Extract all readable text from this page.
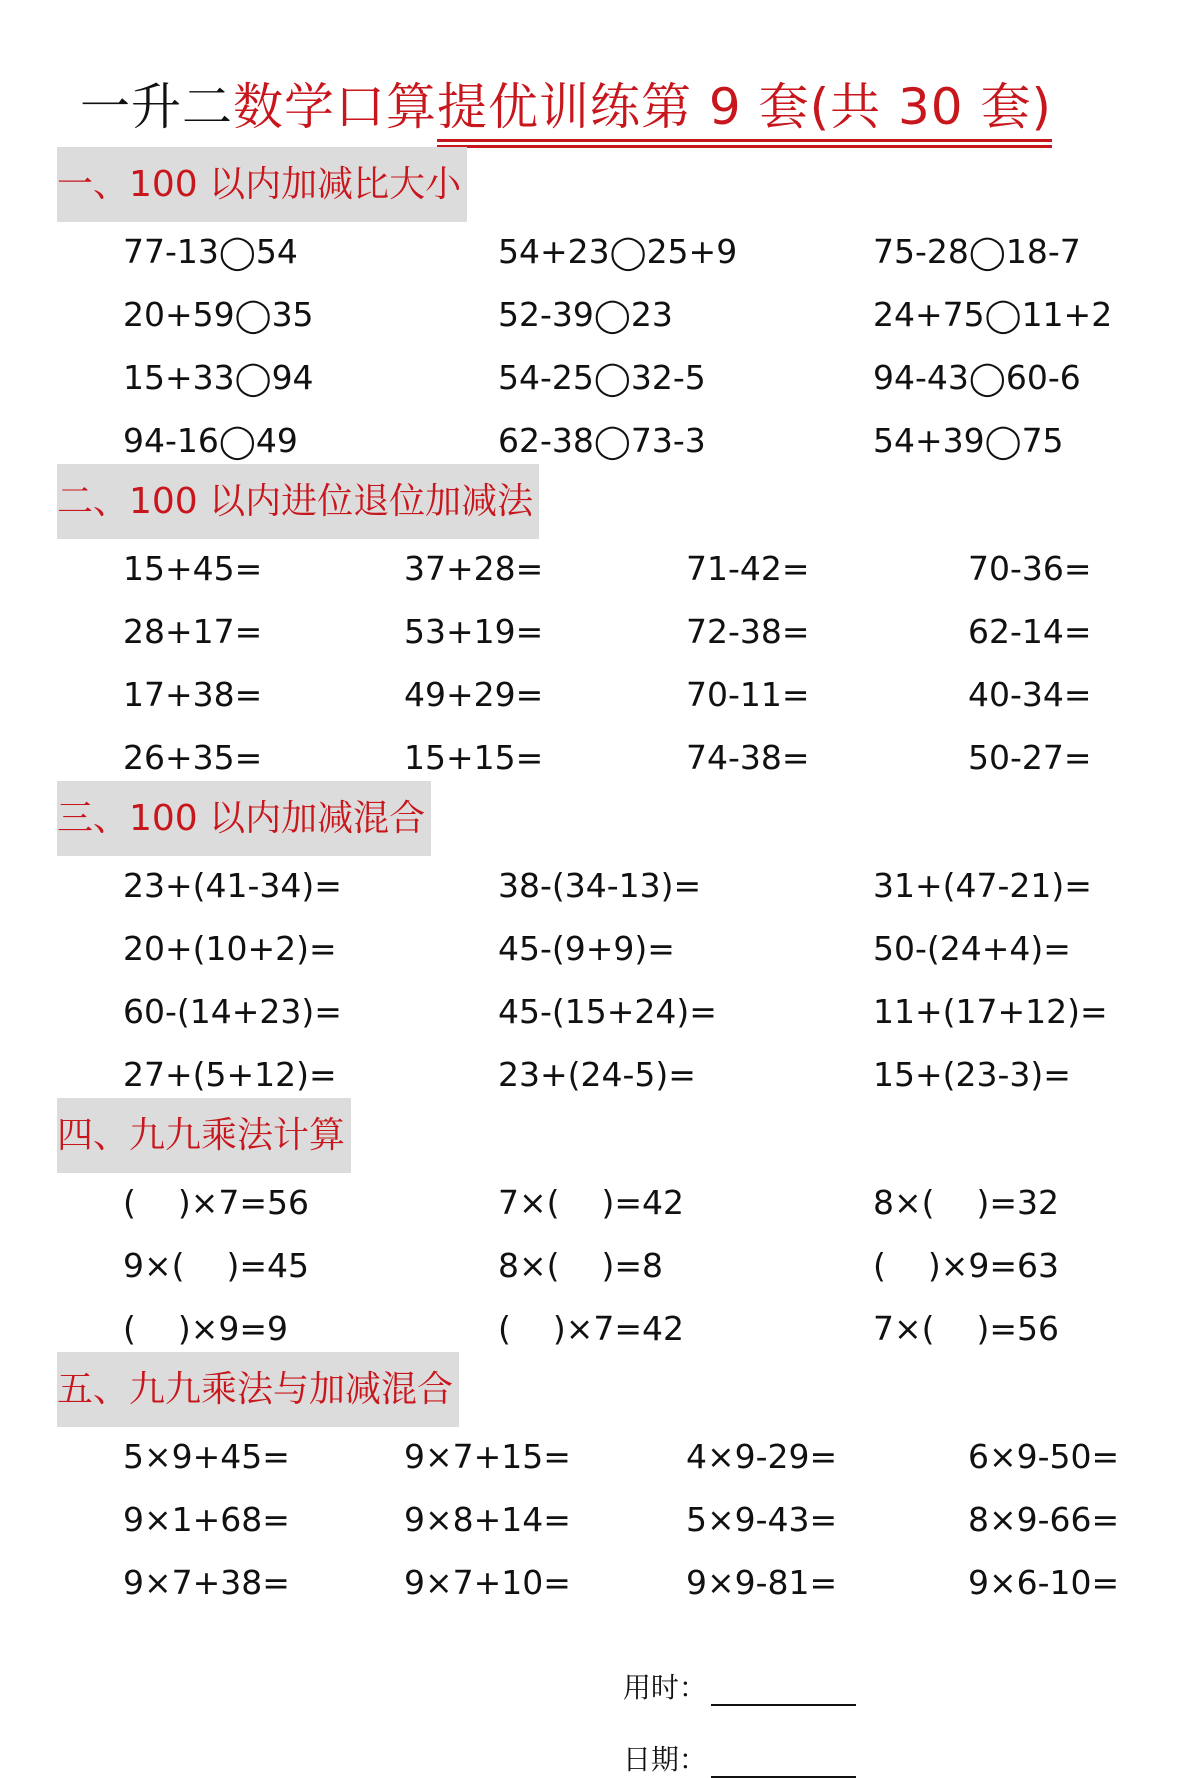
一升二数学口算提优训练第 9 套(共 30 套)
一、100 以内加减比大小
77-13◯54	54+23◯25+9	75-28◯18-7
20+59◯35	52-39◯23	24+75◯11+2
15+33◯94	54-25◯32-5	94-43◯60-6
94-16◯49	62-38◯73-3	54+39◯75
二、100 以内进位退位加减法
15+45=	37+28=	71-42=	70-36=
28+17=	53+19=	72-38=	62-14=
17+38=	49+29=	70-11=	40-34=
26+35=	15+15=	74-38=	50-27=
三、100 以内加减混合
23+(41-34)=	38-(34-13)=	31+(47-21)=
20+(10+2)=	45-(9+9)=	50-(24+4)=
60-(14+23)=	45-(15+24)=	11+(17+12)=
27+(5+12)=	23+(24-5)=	15+(23-3)=
四、九九乘法计算
(    )×7=56	7×(    )=42	8×(    )=32
9×(    )=45	8×(    )=8	(    )×9=63
(    )×9=9	(    )×7=42	7×(    )=56
五、九九乘法与加减混合
5×9+45=	9×7+15=	4×9-29=	6×9-50=
9×1+68=	9×8+14=	5×9-43=	8×9-66=
9×7+38=	9×7+10=	9×9-81=	9×6-10=

用时：

日期：
